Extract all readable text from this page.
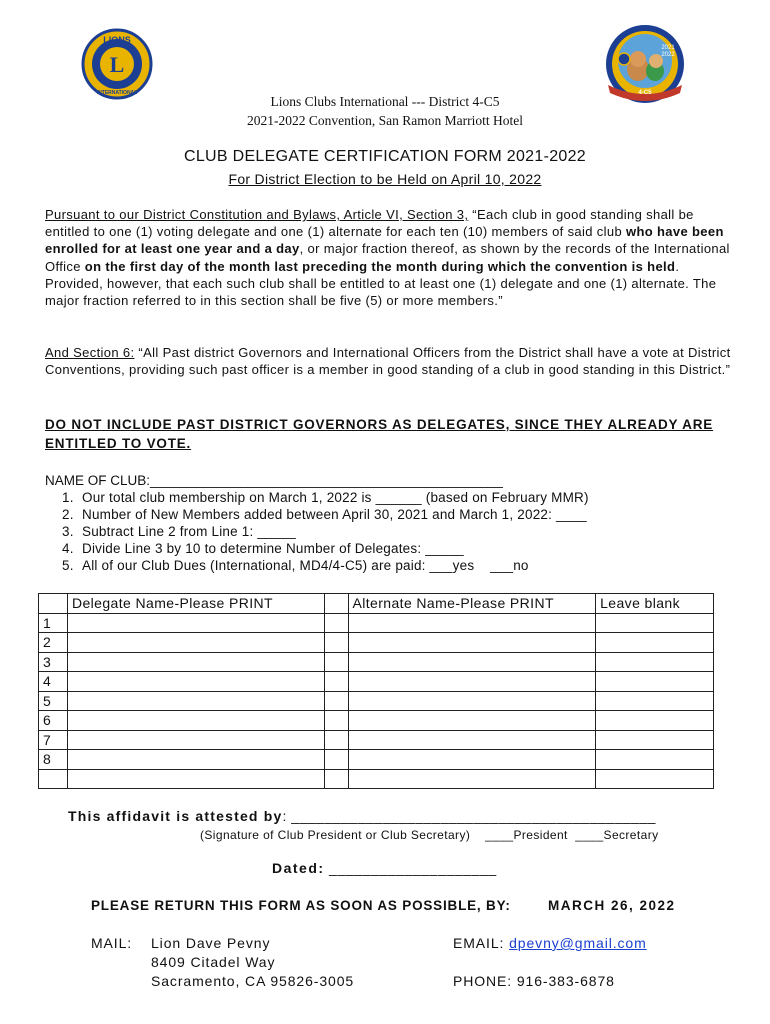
L
LIONS
INTERNATIONAL
2021
2022
4-C5
Lions Clubs International --- District 4-C5
2021-2022 Convention, San Ramon Marriott Hotel
CLUB DELEGATE CERTIFICATION FORM 2021-2022
For District Election to be Held on April 10, 2022
Pursuant to our District Constitution and Bylaws, Article VI, Section 3, “Each club in good standing shall be entitled to one (1) voting delegate and one (1) alternate for each ten (10) members of said club who have been enrolled for at least one year and a day, or major fraction thereof, as shown by the records of the International Office on the first day of the month last preceding the month during which the convention is held. Provided, however, that each such club shall be entitled to at least one (1) delegate and one (1) alternate. The major fraction referred to in this section shall be five (5) or more members.”
And Section 6: “All Past district Governors and International Officers from the District shall have a vote at District Conventions, providing such past officer is a member in good standing of a club in good standing in this District.”
DO NOT INCLUDE PAST DISTRICT GOVERNORS AS DELEGATES, SINCE THEY ALREADY ARE ENTITLED TO VOTE.
NAME OF CLUB:_______________________________________________
1. Our total club membership on March 1, 2022 is ______ (based on February MMR)
2. Number of New Members added between April 30, 2021 and March 1, 2022: ____
3. Subtract Line 2 from Line 1: _____
4. Divide Line 3 by 10 to determine Number of Delegates: _____
5. All of our Club Dues (International, MD4/4-C5) are paid: ___yes    ___no
	Delegate Name-Please PRINT		Alternate Name-Please PRINT	Leave blank
1				
2				
3				
4				
5				
6				
7				
8				

This affidavit is attested by: ____________________________________________
(Signature of Club President or Club Secretary)    ____President  ____Secretary
Dated: ____________________
PLEASE RETURN THIS FORM AS SOON AS POSSIBLE, BY:	MARCH 26, 2022
MAIL: Lion Dave Pevny
8409 Citadel Way
Sacramento, CA 95826-3005
EMAIL: dpevny@gmail.com
PHONE: 916-383-6878
